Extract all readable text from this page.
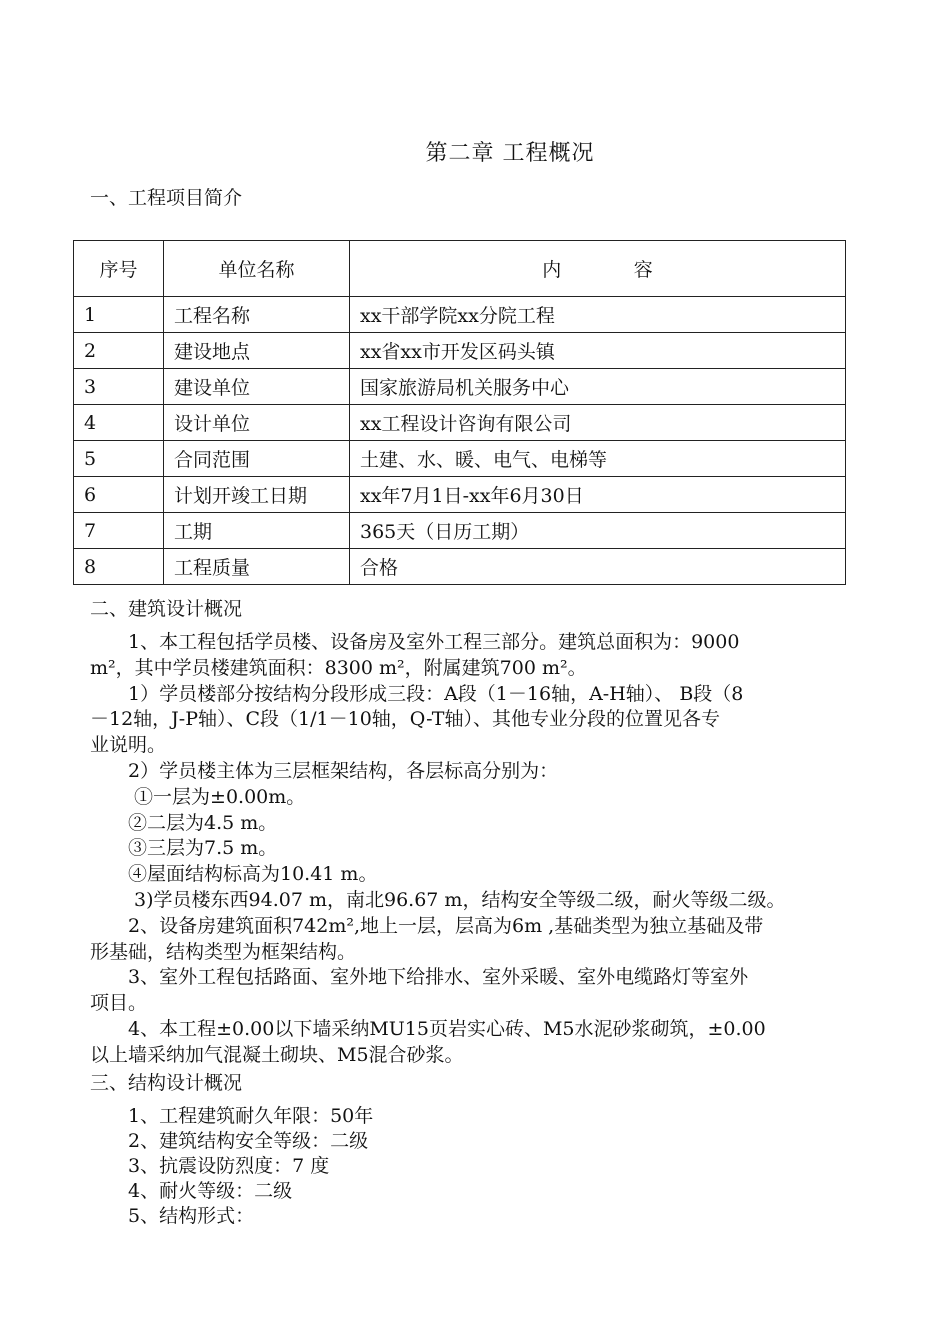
第二章 工程概况
一、工程项目简介
序号	单位名称	内            容
1	工程名称	xx干部学院xx分院工程
2	建设地点	xx省xx市开发区码头镇
3	建设单位	国家旅游局机关服务中心
4	设计单位	xx工程设计咨询有限公司
5	合同范围	土建、水、暖、电气、电梯等
6	计划开竣工日期	xx年7月1日-xx年6月30日
7	工期	365天（日历工期）
8	工程质量	合格
二、建筑设计概况
　　1、本工程包括学员楼、设备房及室外工程三部分。建筑总面积为：9000
m²，其中学员楼建筑面积：8300 m²，附属建筑700 m²。
　　1）学员楼部分按结构分段形成三段：A段（1－16轴，A-H轴）、 B段（8
－12轴，J-P轴）、C段（1/1－10轴，Q-T轴）、其他专业分段的位置见各专
业说明。
　　2）学员楼主体为三层框架结构，各层标高分别为：
　　 ①一层为±0.00m。
　　②二层为4.5 m。
　　③三层为7.5 m。
　　④屋面结构标高为10.41 m。
　　 3)学员楼东西94.07 m，南北96.67 m，结构安全等级二级，耐火等级二级。
　　2、设备房建筑面积742m²,地上一层，层高为6m ,基础类型为独立基础及带
形基础，结构类型为框架结构。
　　3、室外工程包括路面、室外地下给排水、室外采暖、室外电缆路灯等室外
项目。
　　4、本工程±0.00以下墙采纳MU15页岩实心砖、M5水泥砂浆砌筑，±0.00
以上墙采纳加气混凝土砌块、M5混合砂浆。
三、结构设计概况
　　1、工程建筑耐久年限：50年
　　2、建筑结构安全等级：二级
　　3、抗震设防烈度：7 度
　　4、耐火等级：二级
　　5、结构形式：
